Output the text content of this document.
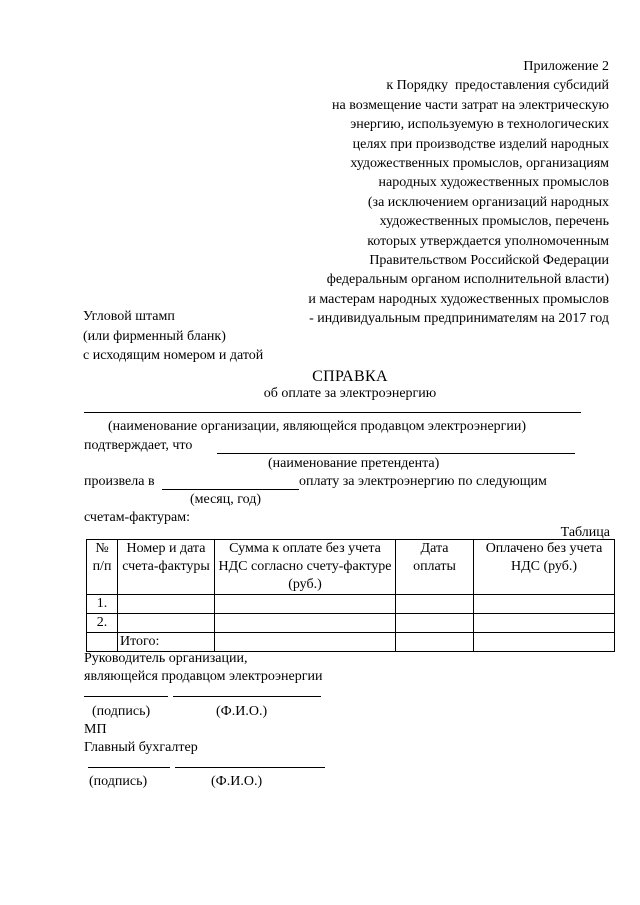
Приложение 2
к Порядку  предоставления субсидий
на возмещение части затрат на электрическую
энергию, используемую в технологических
целях при производстве изделий народных
художественных промыслов, организациям
народных художественных промыслов
(за исключением организаций народных
художественных промыслов, перечень
которых утверждается уполномоченным
Правительством Российской Федерации
федеральным органом исполнительной власти)
и мастерам народных художественных промыслов
- индивидуальным предпринимателям на 2017 год
Угловой штамп
(или фирменный бланк)
с исходящим номером и датой
СПРАВКА
об оплате за электроэнергию
(наименование организации, являющейся продавцом электроэнергии)
подтверждает, что
(наименование претендента)
произвела в	оплату за электроэнергию по следующим
(месяц, год)
счетам-фактурам:
Таблица
№ п/п	Номер и дата счета-фактуры	Сумма к оплате без учета НДС согласно счету-фактуре (руб.)	Дата оплаты	Оплачено без учета НДС (руб.)
1.				
2.				
	Итого:			
Руководитель организации,
являющейся продавцом электроэнергии
(подпись)	(Ф.И.О.)
МП
Главный бухгалтер
(подпись)	(Ф.И.О.)
